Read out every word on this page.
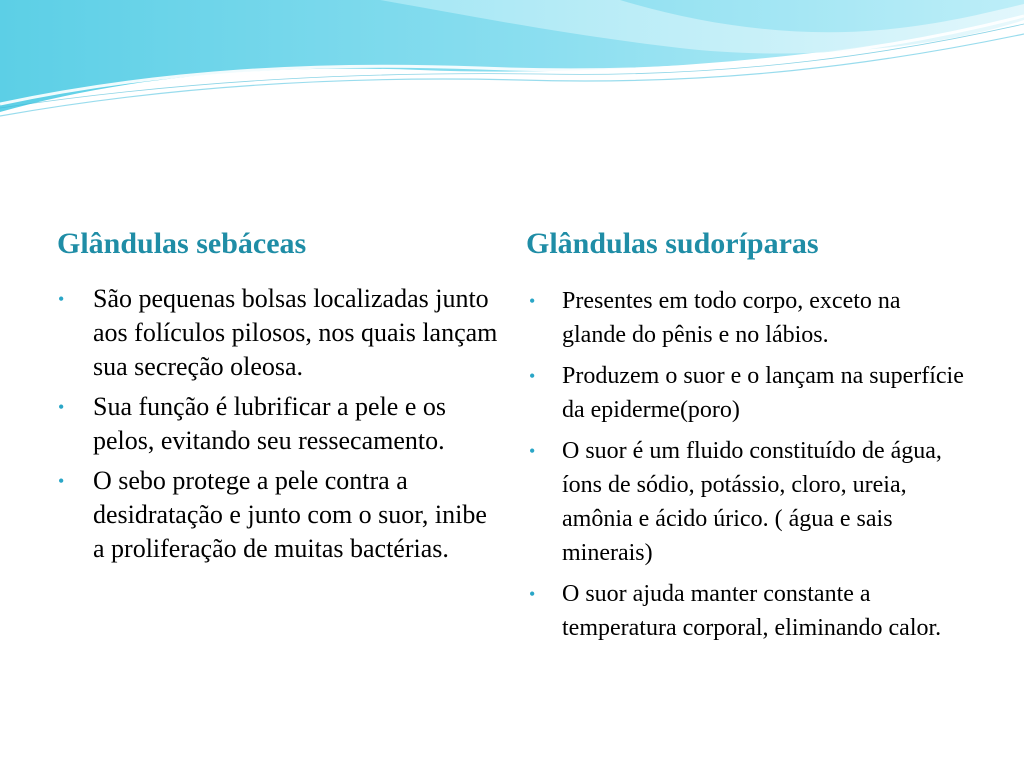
Glândulas sebáceas	Glândulas sudoríparas
• São pequenas bolsas localizadas junto aos folículos pilosos, nos quais lançam sua secreção oleosa.
• Sua função é lubrificar a pele e os pelos, evitando seu ressecamento.
• O sebo protege a pele contra a desidratação e junto com o suor, inibe a proliferação de muitas bactérias.
• Presentes em todo corpo, exceto na glande do pênis e no lábios.
• Produzem o suor e o lançam na superfície da epiderme(poro)
• O suor é um fluido constituído de água, íons de sódio, potássio, cloro, ureia, amônia e ácido úrico. ( água e sais minerais)
• O suor ajuda manter constante a temperatura corporal, eliminando calor.
